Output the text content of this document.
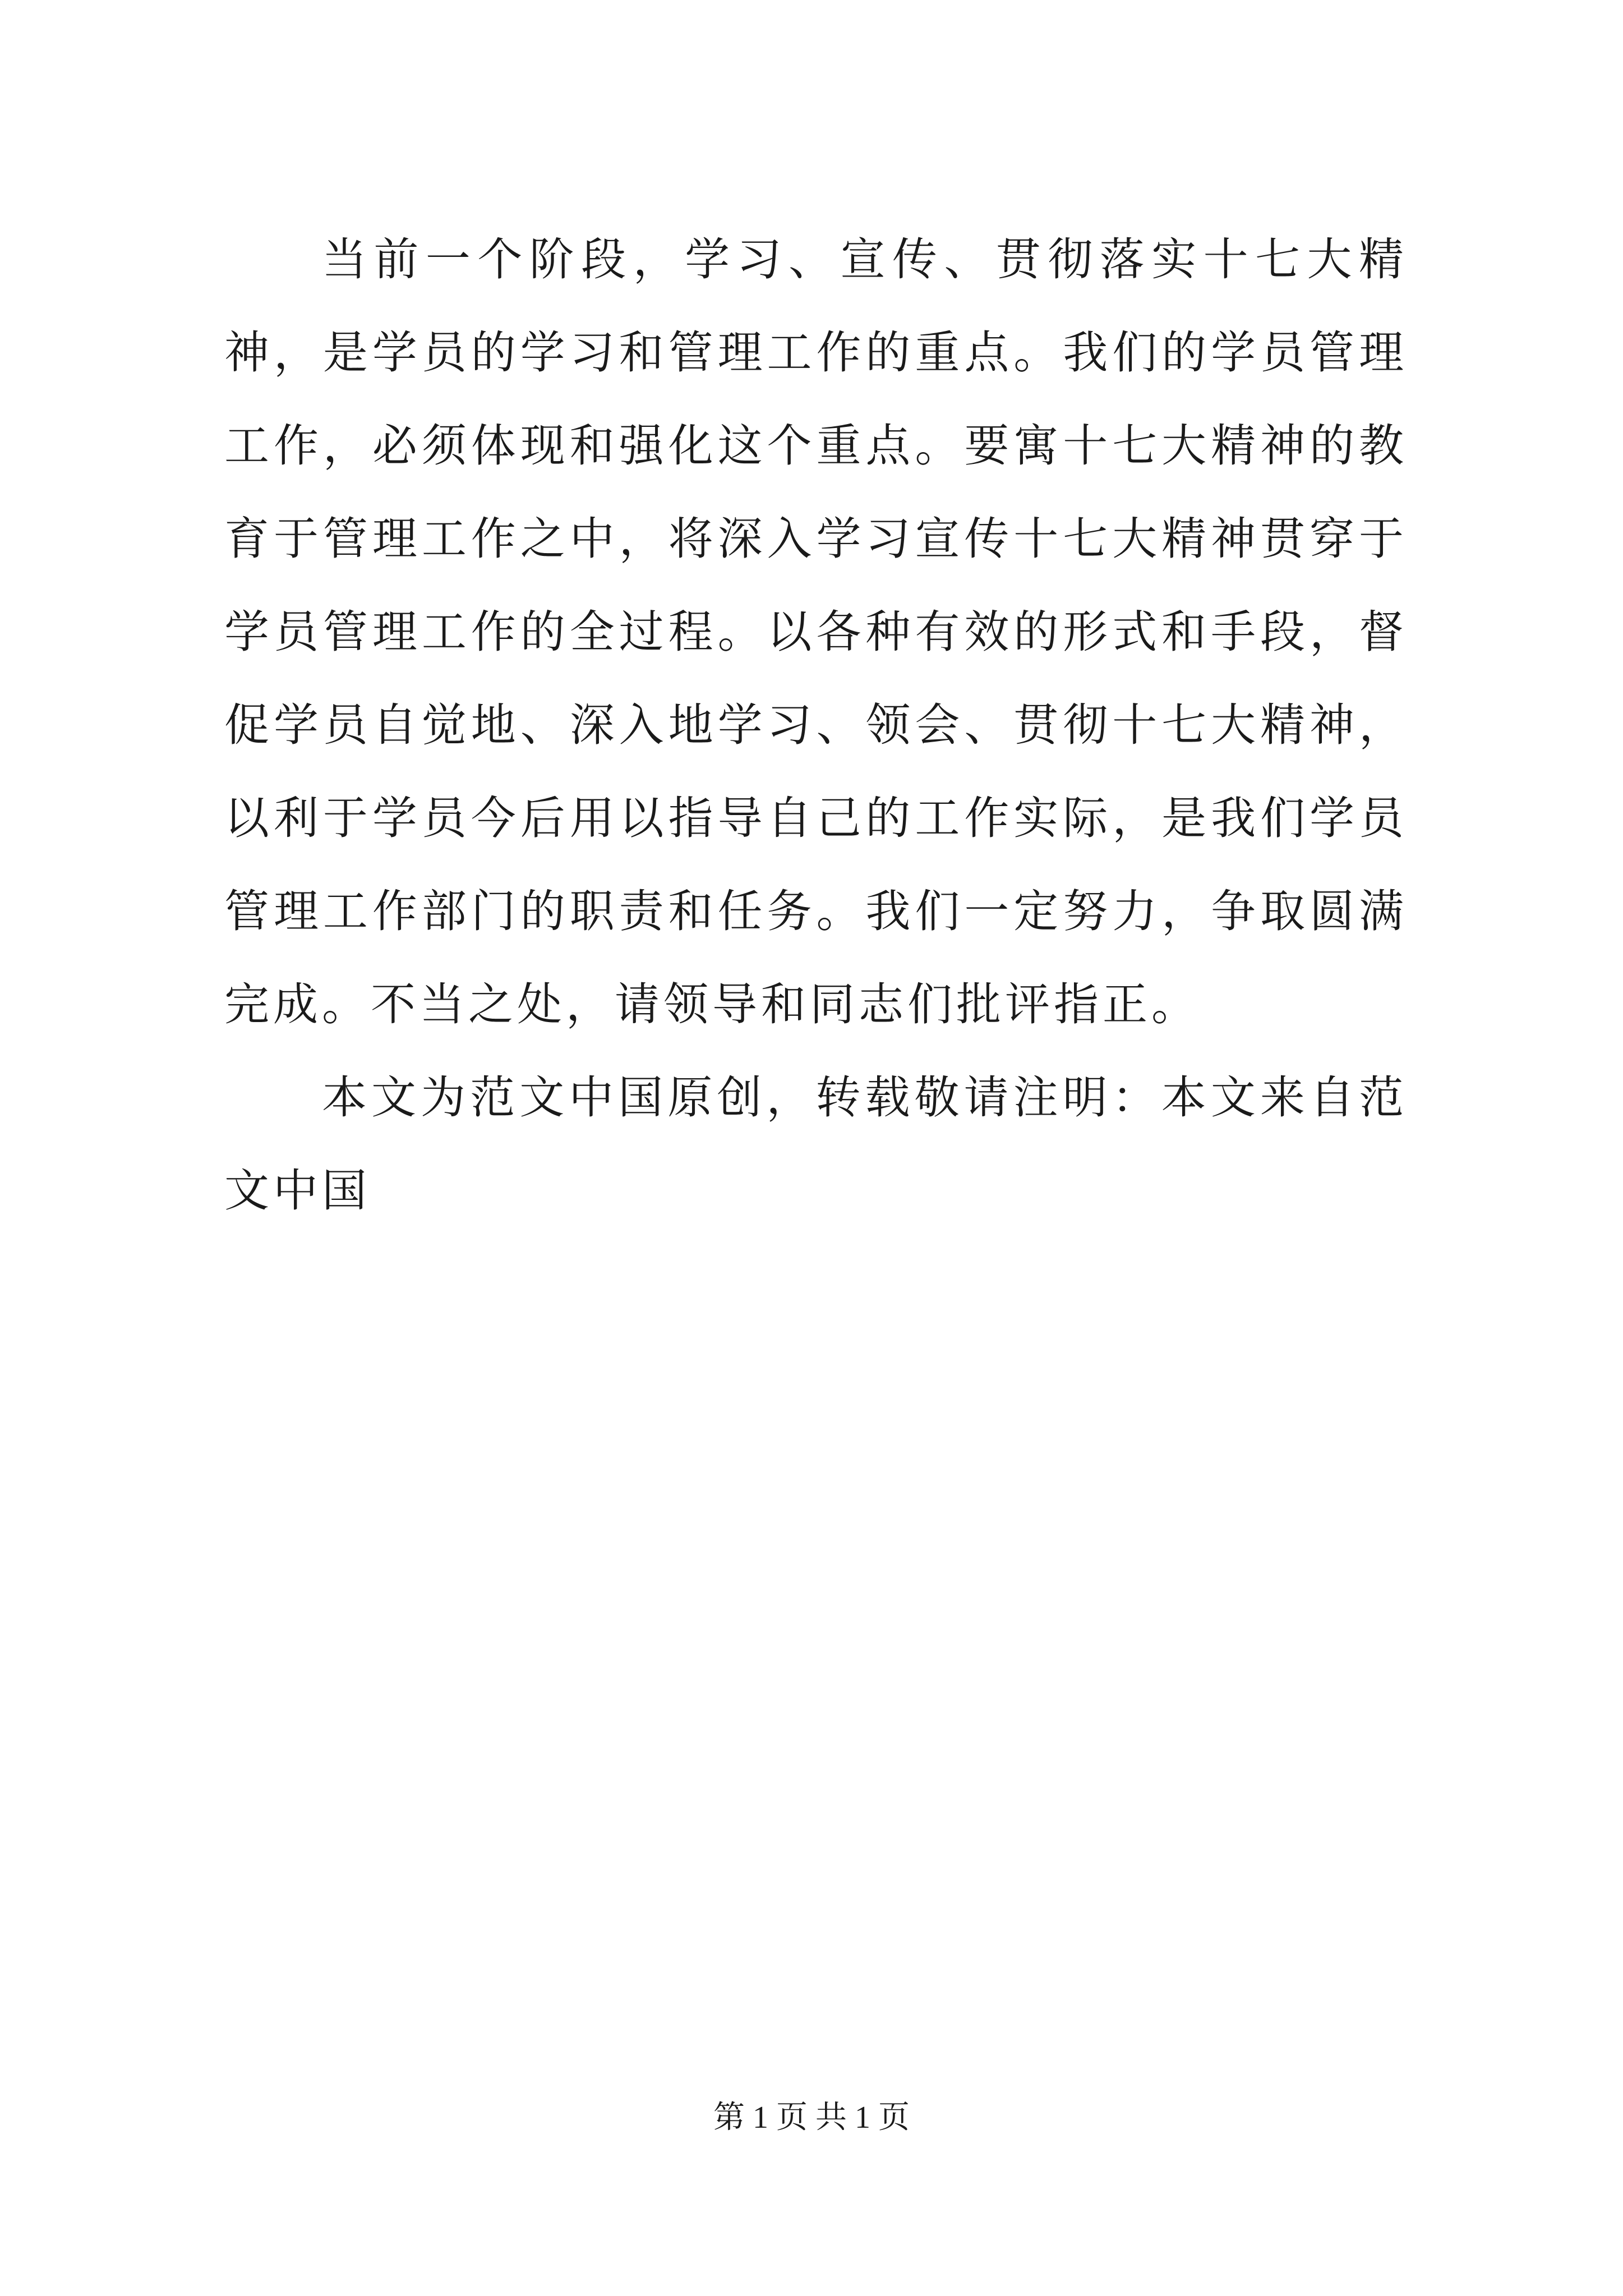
当前一个阶段，学习、宣传、贯彻落实十七大精神，是学员的学习和管理工作的重点。我们的学员管理工作，必须体现和强化这个重点。要寓十七大精神的教育于管理工作之中，将深入学习宣传十七大精神贯穿于学员管理工作的全过程。以各种有效的形式和手段，督促学员自觉地、深入地学习、领会、贯彻十七大精神，以利于学员今后用以指导自己的工作实际，是我们学员管理工作部门的职责和任务。我们一定努力，争取圆满完成。不当之处，请领导和同志们批评指正。

本文为范文中国原创，转载敬请注明：本文来自范文中国

第 1 页 共 1 页
